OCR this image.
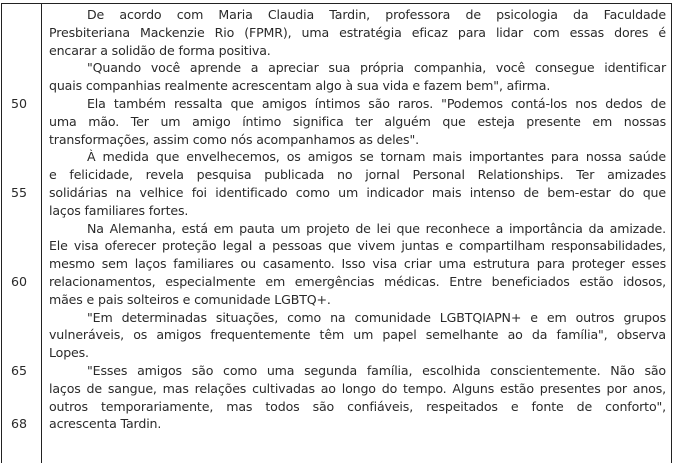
50
55
60
65
68
De acordo com Maria Claudia Tardin, professora de psicologia da Faculdade
Presbiteriana Mackenzie Rio (FPMR), uma estratégia eficaz para lidar com essas dores é
encarar a solidão de forma positiva.
"Quando você aprende a apreciar sua própria companhia, você consegue identificar
quais companhias realmente acrescentam algo à sua vida e fazem bem", afirma.
Ela também ressalta que amigos íntimos são raros. "Podemos contá-los nos dedos de
uma mão. Ter um amigo íntimo significa ter alguém que esteja presente em nossas
transformações, assim como nós acompanhamos as deles".
À medida que envelhecemos, os amigos se tornam mais importantes para nossa saúde
e felicidade, revela pesquisa publicada no jornal Personal Relationships. Ter amizades
solidárias na velhice foi identificado como um indicador mais intenso de bem-estar do que
laços familiares fortes.
Na Alemanha, está em pauta um projeto de lei que reconhece a importância da amizade.
Ele visa oferecer proteção legal a pessoas que vivem juntas e compartilham responsabilidades,
mesmo sem laços familiares ou casamento. Isso visa criar uma estrutura para proteger esses
relacionamentos, especialmente em emergências médicas. Entre beneficiados estão idosos,
mães e pais solteiros e comunidade LGBTQ+.
"Em determinadas situações, como na comunidade LGBTQIAPN+ e em outros grupos
vulneráveis, os amigos frequentemente têm um papel semelhante ao da família", observa
Lopes.
"Esses amigos são como uma segunda família, escolhida conscientemente. Não são
laços de sangue, mas relações cultivadas ao longo do tempo. Alguns estão presentes por anos,
outros temporariamente, mas todos são confiáveis, respeitados e fonte de conforto",
acrescenta Tardin.
